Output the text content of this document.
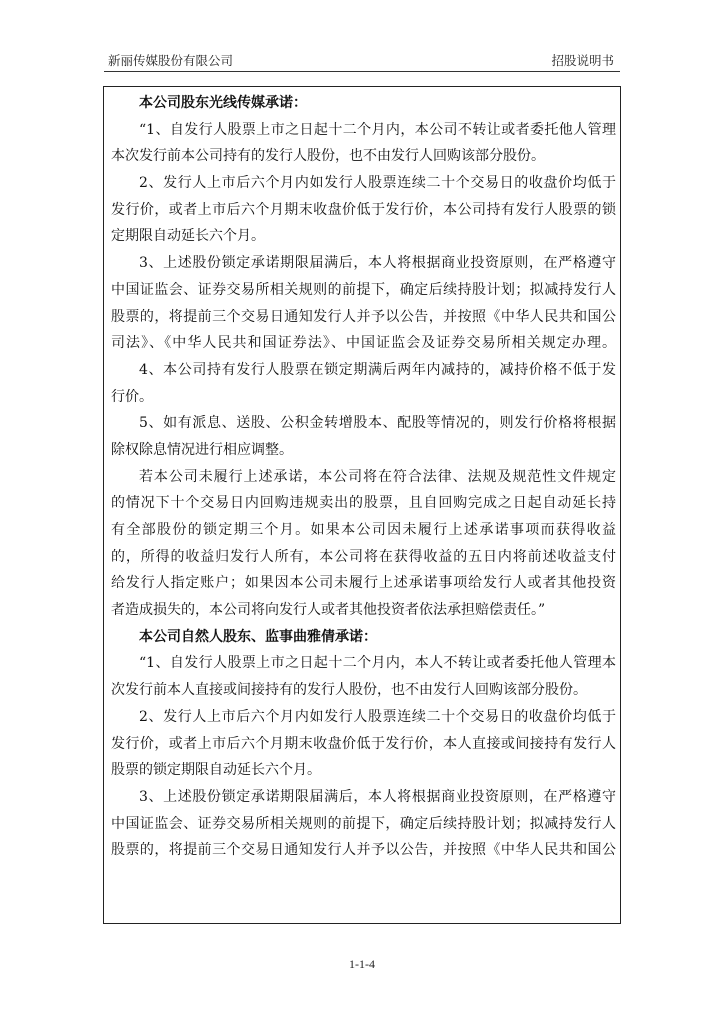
新丽传媒股份有限公司	招股说明书
本公司股东光线传媒承诺：
“1、自发行人股票上市之日起十二个月内，本公司不转让或者委托他人管理
本次发行前本公司持有的发行人股份，也不由发行人回购该部分股份。
2、发行人上市后六个月内如发行人股票连续二十个交易日的收盘价均低于
发行价，或者上市后六个月期末收盘价低于发行价，本公司持有发行人股票的锁
定期限自动延长六个月。
3、上述股份锁定承诺期限届满后，本人将根据商业投资原则，在严格遵守
中国证监会、证券交易所相关规则的前提下，确定后续持股计划；拟减持发行人
股票的，将提前三个交易日通知发行人并予以公告，并按照《中华人民共和国公
司法》、《中华人民共和国证券法》、中国证监会及证券交易所相关规定办理。
4、本公司持有发行人股票在锁定期满后两年内减持的，减持价格不低于发
行价。
5、如有派息、送股、公积金转增股本、配股等情况的，则发行价格将根据
除权除息情况进行相应调整。
若本公司未履行上述承诺，本公司将在符合法律、法规及规范性文件规定
的情况下十个交易日内回购违规卖出的股票，且自回购完成之日起自动延长持
有全部股份的锁定期三个月。如果本公司因未履行上述承诺事项而获得收益
的，所得的收益归发行人所有，本公司将在获得收益的五日内将前述收益支付
给发行人指定账户；如果因本公司未履行上述承诺事项给发行人或者其他投资
者造成损失的，本公司将向发行人或者其他投资者依法承担赔偿责任。”
本公司自然人股东、监事曲雅倩承诺：
“1、自发行人股票上市之日起十二个月内，本人不转让或者委托他人管理本
次发行前本人直接或间接持有的发行人股份，也不由发行人回购该部分股份。
2、发行人上市后六个月内如发行人股票连续二十个交易日的收盘价均低于
发行价，或者上市后六个月期末收盘价低于发行价，本人直接或间接持有发行人
股票的锁定期限自动延长六个月。
3、上述股份锁定承诺期限届满后，本人将根据商业投资原则，在严格遵守
中国证监会、证券交易所相关规则的前提下，确定后续持股计划；拟减持发行人
股票的，将提前三个交易日通知发行人并予以公告，并按照《中华人民共和国公
1-1-4
